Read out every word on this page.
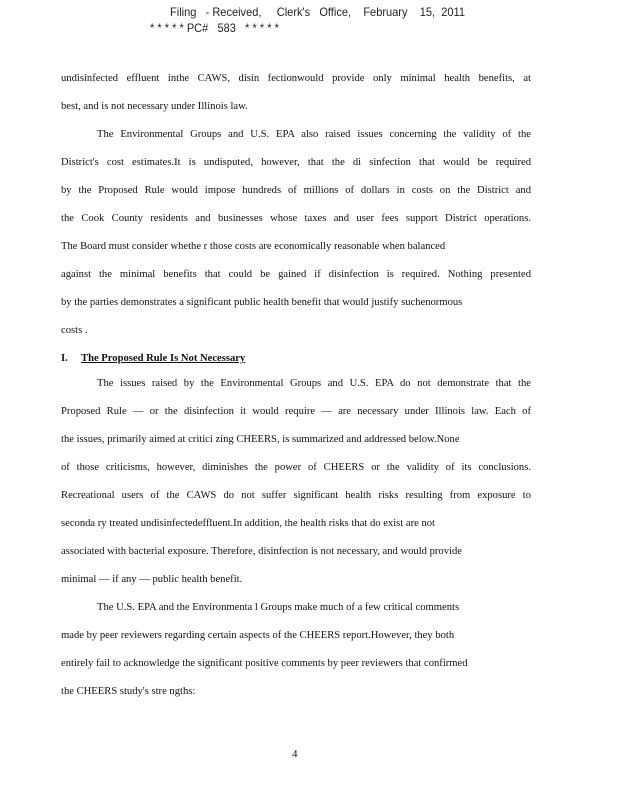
Filing   - Received,     Clerk's   Office,    February    15,  2011
* * * * * PC#   583   * * * * *
undisinfected effluent inthe CAWS, disin fectionwould provide only minimal health benefits, at
best, and is not necessary under Illinois law.
The Environmental Groups and U.S. EPA also raised issues concerning the validity of the
District's cost estimates.It is undisputed, however, that the di sinfection that would be required
by the Proposed Rule would impose hundreds of millions of dollars in costs on the District and
the Cook County residents and businesses whose taxes and user fees support District operations.
The Board must consider whethe r those costs are economically reasonable when balanced
against the minimal benefits that could be gained if disinfection is required. Nothing presented
by the parties demonstrates a significant public health benefit that would justify suchenormous
costs .
I. The Proposed Rule Is Not Necessary
The issues raised by the Environmental Groups and U.S. EPA do not demonstrate that the
Proposed Rule — or the disinfection it would require — are necessary under Illinois law. Each of
the issues, primarily aimed at critici zing CHEERS, is summarized and addressed below.None
of those criticisms, however, diminishes the power of CHEERS or the validity of its conclusions.
Recreational users of the CAWS do not suffer significant health risks resulting from exposure to
seconda ry treated undisinfectedeffluent.In addition, the health risks that do exist are not
associated with bacterial exposure. Therefore, disinfection is not necessary, and would provide
minimal — if any — public health benefit.
The U.S. EPA and the Environmenta l Groups make much of a few critical comments
made by peer reviewers regarding certain aspects of the CHEERS report.However, they both
entirely fail to acknowledge the significant positive comments by peer reviewers that confirmed
the CHEERS study's stre ngths:
4
